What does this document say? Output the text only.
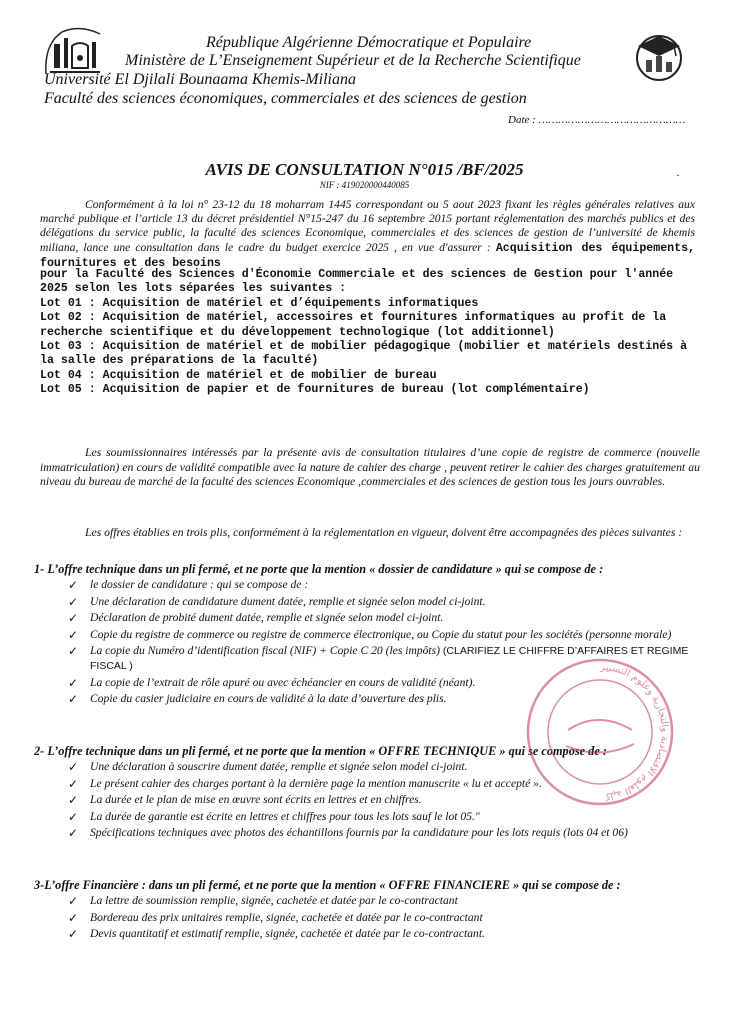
République Algérienne Démocratique et Populaire
Ministère de L’Enseignement Supérieur et de la Recherche Scientifique
Université El Djilali Bounaama Khemis-Miliana
Faculté des sciences économiques, commerciales et des sciences de gestion
Date : ………………………………………
AVIS DE CONSULTATION N°015 /BF/2025
NIF : 419020000440085
·
Conformément à la loi n° 23-12 du 18 moharram 1445 correspondant ou 5 aout 2023 fixant les règles générales relatives aux marché publique et l’article 13 du décret présidentiel N°15-247 du 16 septembre 2015 portant réglementation des marchés publics et des délégations du service public, la faculté des sciences Economique, commerciales et des sciences de gestion de l’université de khemis miliana, lance une consultation dans le cadre du budget exercice 2025 , en vue d'assurer : Acquisition des équipements, fournitures et des besoins
pour la Faculté des Sciences d'Économie Commerciale et des sciences de Gestion pour l'année 2025 selon les lots séparées les suivantes :
Lot 01 : Acquisition de matériel et d’équipements informatiques
Lot 02 : Acquisition de matériel, accessoires et fournitures informatiques au profit de la recherche scientifique et du développement technologique (lot additionnel)
Lot 03 : Acquisition de matériel et de mobilier pédagogique (mobilier et matériels destinés à la salle des préparations de la faculté)
Lot 04 : Acquisition de matériel et de mobilier de bureau
Lot 05 : Acquisition de papier et de fournitures de bureau (lot complémentaire)
Les soumissionnaires intéressés par la présente avis de consultation titulaires d’une copie de registre de commerce (nouvelle immatriculation) en cours de validité compatible avec la nature de cahier des charge , peuvent retirer le cahier des charges gratuitement au niveau du bureau de marché de la faculté des sciences Economique ,commerciales et des sciences de gestion tous les jours ouvrables.
Les offres établies en trois plis, conformément à la réglementation en vigueur, doivent être accompagnées des pièces suivantes :
1- L’offre technique dans un pli fermé, et ne porte que la mention « dossier de candidature » qui se compose de :
✓ le dossier de candidature : qui se compose de :
✓ Une déclaration de candidature dument datée, remplie et signée selon model ci-joint.
✓ Déclaration de probité dument datée, remplie et signée selon model ci-joint.
✓ Copie du registre de commerce ou registre de commerce électronique, ou Copie du statut pour les sociétés (personne morale)
✓ La copie du Numéro d’identification fiscal (NIF) + Copie C 20 (les impôts) (CLARIFIEZ LE CHIFFRE D’AFFAIRES ET REGIME FISCAL )
✓ La copie de l’extrait de rôle apuré ou avec échéancier en cours de validité (néant).
✓ Copie du casier judiciaire en cours de validité à la date d’ouverture des plis.
2- L’offre technique dans un pli fermé, et ne porte que la mention « OFFRE TECHNIQUE » qui se compose de :
✓ Une déclaration à souscrire dument datée, remplie et signée selon model ci-joint.
✓ Le présent cahier des charges portant à la dernière page la mention manuscrite « lu et accepté ».
✓ La durée et le plan de mise en œuvre sont écrits en lettres et en chiffres.
✓ La durée de garantie est écrite en lettres et chiffres pour tous les lots sauf le lot 05."
✓ Spécifications techniques avec photos des échantillons fournis par la candidature pour les lots requis (lots 04 et 06)
3-L’offre Financière : dans un pli fermé, et ne porte que la mention « OFFRE FINANCIERE » qui se compose de :
✓ La lettre de soumission remplie, signée, cachetée et datée par le co-contractant
✓ Bordereau des prix unitaires remplie, signée, cachetée et datée par le co-contractant
✓ Devis quantitatif et estimatif remplie, signée, cachetée et datée par le co-contractant.
كلية العلوم الاقتصادية والتجارية وعلوم التسيير
